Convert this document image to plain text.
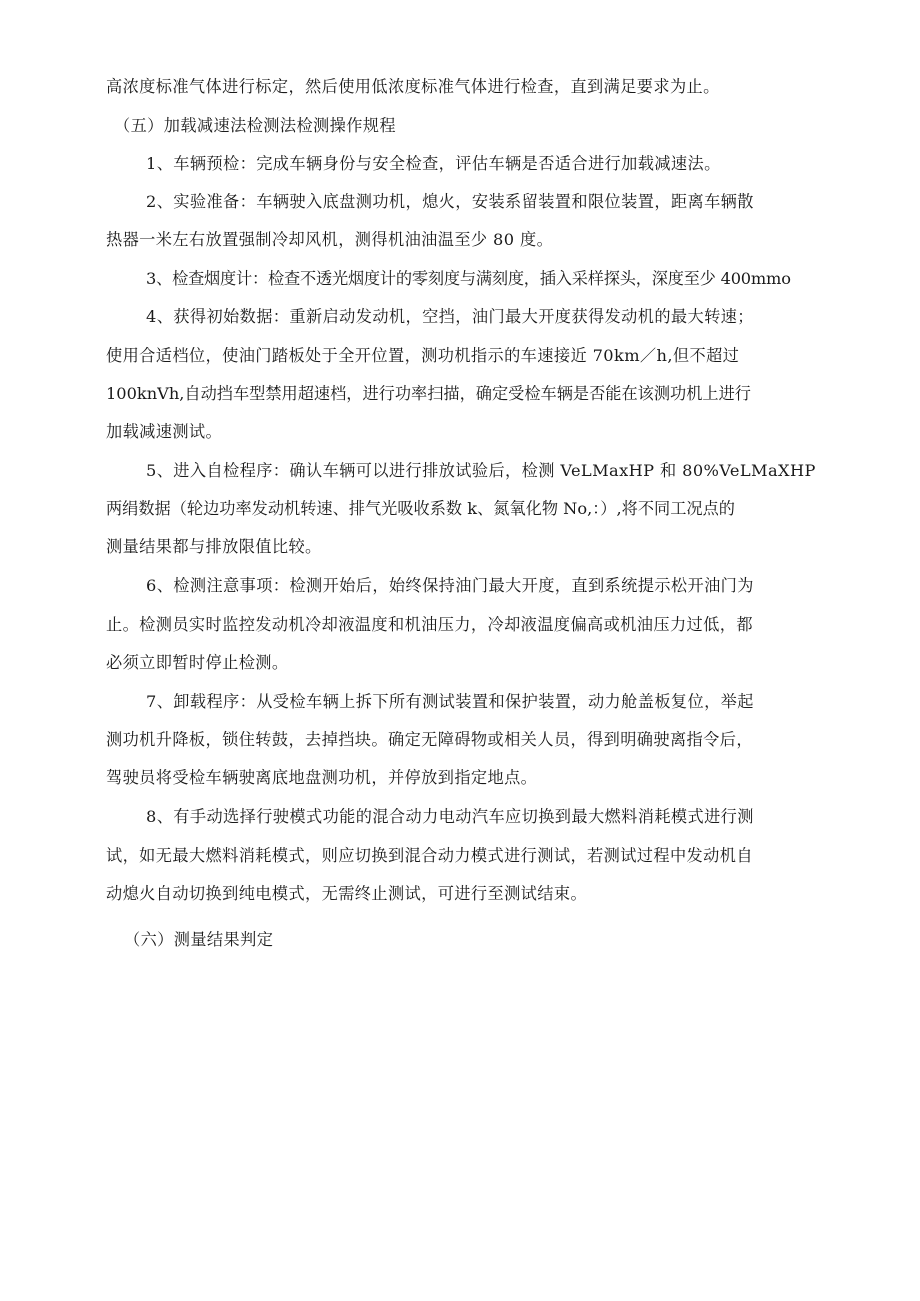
高浓度标准气体进行标定，然后使用低浓度标准气体进行检查，直到满足要求为止。
（五）加载减速法检测法检测操作规程
1、车辆预检：完成车辆身份与安全检查，评估车辆是否适合进行加载减速法。
2、实验准备：车辆驶入底盘测功机，熄火，安装系留装置和限位装置，距离车辆散
热器一米左右放置强制冷却风机，测得机油油温至少 80 度。
3、检查烟度计：检查不透光烟度计的零刻度与满刻度，插入采样探头，深度至少 400mmo
4、获得初始数据：重新启动发动机，空挡，油门最大开度获得发动机的最大转速；
使用合适档位，使油门踏板处于全开位置，测功机指示的车速接近 70km／h,但不超过
100knVh,自动挡车型禁用超速档，进行功率扫描，确定受检车辆是否能在该测功机上进行
加载减速测试。
5、进入自检程序：确认车辆可以进行排放试验后，检测 VeLMaxHP 和 80%VeLMaXHP
两绢数据（轮边功率发动机转速、排气光吸收系数 k、氮氧化物 No,：）,将不同工况点的
测量结果都与排放限值比较。
6、检测注意事项：检测开始后，始终保持油门最大开度，直到系统提示松开油门为
止。检测员实时监控发动机冷却液温度和机油压力，冷却液温度偏高或机油压力过低，都
必须立即暂时停止检测。
7、卸载程序：从受检车辆上拆下所有测试装置和保护装置，动力舱盖板复位，举起
测功机升降板，锁住转鼓，去掉挡块。确定无障碍物或相关人员，得到明确驶离指令后，
驾驶员将受检车辆驶离底地盘测功机，并停放到指定地点。
8、有手动选择行驶模式功能的混合动力电动汽车应切换到最大燃料消耗模式进行测
试，如无最大燃料消耗模式，则应切换到混合动力模式进行测试，若测试过程中发动机自
动熄火自动切换到纯电模式，无需终止测试，可进行至测试结束。
（六）测量结果判定
